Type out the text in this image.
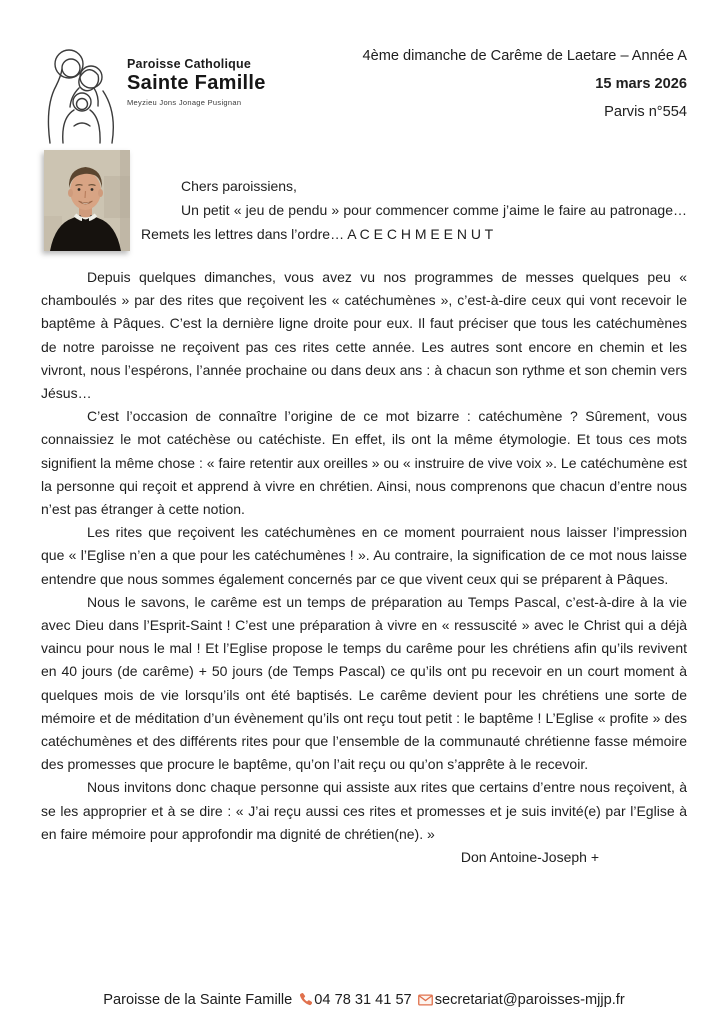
Paroisse Catholique
Sainte Famille
Meyzieu Jons Jonage Pusignan
4ème dimanche de Carême de Laetare – Année A
15 mars 2026
Parvis n°554

Chers paroissiens,

Un petit « jeu de pendu » pour commencer comme j’aime le faire au patronage… Remets les lettres dans l’ordre… A C E C H M E E N U T

Depuis quelques dimanches, vous avez vu nos programmes de messes quelques peu « chamboulés » par des rites que reçoivent les « catéchumènes », c’est-à-dire ceux qui vont recevoir le baptême à Pâques. C’est la dernière ligne droite pour eux. Il faut préciser que tous les catéchumènes de notre paroisse ne reçoivent pas ces rites cette année. Les autres sont encore en chemin et les vivront, nous l’espérons, l’année prochaine ou dans deux ans : à chacun son rythme et son chemin vers Jésus…

C’est l’occasion de connaître l’origine de ce mot bizarre : catéchumène ? Sûrement, vous connaissiez le mot catéchèse ou catéchiste. En effet, ils ont la même étymologie. Et tous ces mots signifient la même chose : « faire retentir aux oreilles » ou « instruire de vive voix ». Le catéchumène est la personne qui reçoit et apprend à vivre en chrétien. Ainsi, nous comprenons que chacun d’entre nous n’est pas étranger à cette notion.

Les rites que reçoivent les catéchumènes en ce moment pourraient nous laisser l’impression que « l’Eglise n’en a que pour les catéchumènes ! ». Au contraire, la signification de ce mot nous laisse entendre que nous sommes également concernés par ce que vivent ceux qui se préparent à Pâques.

Nous le savons, le carême est un temps de préparation au Temps Pascal, c’est-à-dire à la vie avec Dieu dans l’Esprit-Saint ! C’est une préparation à vivre en « ressuscité » avec le Christ qui a déjà vaincu pour nous le mal ! Et l’Eglise propose le temps du carême pour les chrétiens afin qu’ils revivent en 40 jours (de carême) + 50 jours (de Temps Pascal) ce qu’ils ont pu recevoir en un court moment à quelques mois de vie lorsqu’ils ont été baptisés. Le carême devient pour les chrétiens une sorte de mémoire et de méditation d’un évènement qu’ils ont reçu tout petit : le baptême ! L’Eglise « profite » des catéchumènes et des différents rites pour que l’ensemble de la communauté chrétienne fasse mémoire des promesses que procure le baptême, qu’on l’ait reçu ou qu’on s’apprête à le recevoir.

Nous invitons donc chaque personne qui assiste aux rites que certains d’entre nous reçoivent, à se les approprier et à se dire : « J’ai reçu aussi ces rites et promesses et je suis invité(e) par l’Eglise à en faire mémoire pour approfondir ma dignité de chrétien(ne). »

Don Antoine-Joseph +

Paroisse de la Sainte Famille 04 78 31 41 57 secretariat@paroisses-mjjp.fr
